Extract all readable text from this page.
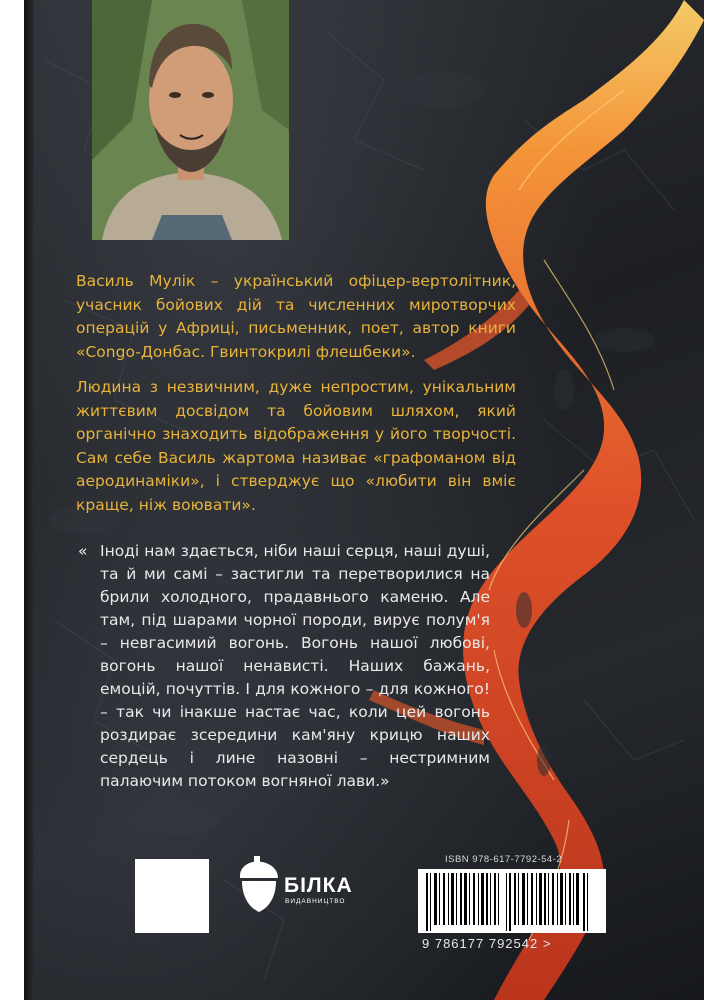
Василь Мулік – український офіцер-вертолітник, учасник бойових дій та численних миротворчих операцій у Африці, письменник, поет, автор книги «Congo-Донбас. Гвинтокрилі флешбеки».

Людина з незвичним, дуже непростим, унікальним життєвим досвідом та бойовим шляхом, який органічно знаходить відображення у його творчості. Сам себе Василь жартома називає «графоманом від аеродинаміки», і стверджує що «любити він вміє краще, ніж воювати».

« Іноді нам здається, ніби наші серця, наші душі, та й ми самі – застигли та перетворилися на брили холодного, прадавнього каменю. Але там, під шарами чорної породи, вирує полум'я – невгасимий вогонь. Вогонь нашої любові, вогонь нашої ненависті. Наших бажань, емоцій, почуттів. І для кожного – для кожного! – так чи інакше настає час, коли цей вогонь роздирає зсередини кам'яну крицю наших сердець і лине назовні – нестримним палаючим потоком вогняної лави.»
БІЛКА
ВИДАВНИЦТВО
ISBN 978-617-7792-54-2
9 786177 792542 >
